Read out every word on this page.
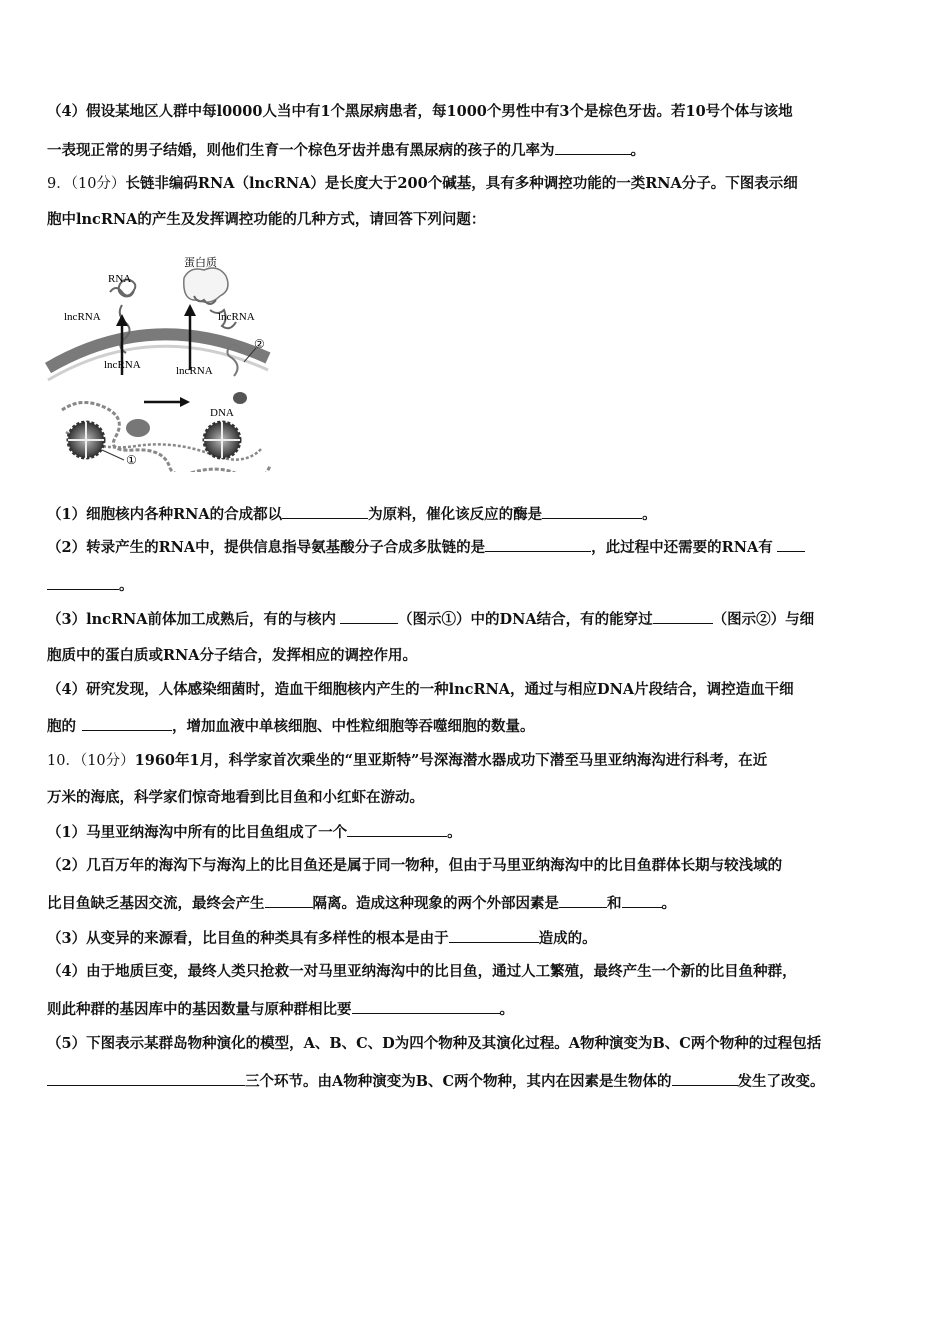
（4）假设某地区人群中每l0000人当中有1个黑尿病患者，每1000个男性中有3个是棕色牙齿。若10号个体与该地
一表现正常的男子结婚，则他们生育一个棕色牙齿并患有黑尿病的孩子的几率为	。
9．（10分）长链非编码RNA（lncRNA）是长度大于200个碱基，具有多种调控功能的一类RNA分子。下图表示细
胞中lncRNA的产生及发挥调控功能的几种方式，请回答下列问题：
RNA
蛋白质
lncRNA	lncRNA
lncRNA	lncRNA
DNA
①
②
（1）细胞核内各种RNA的合成都以	为原料，催化该反应的酶是	。
（2）转录产生的RNA中，提供信息指导氨基酸分子合成多肽链的是	，此过程中还需要的RNA有
。
（3）lncRNA前体加工成熟后，有的与核内	（图示①）中的DNA结合，有的能穿过	（图示②）与细
胞质中的蛋白质或RNA分子结合，发挥相应的调控作用。
（4）研究发现，人体感染细菌时，造血干细胞核内产生的一种lncRNA，通过与相应DNA片段结合，调控造血干细
胞的	，增加血液中单核细胞、中性粒细胞等吞噬细胞的数量。
10．（10分）1960年1月，科学家首次乘坐的“里亚斯特”号深海潜水器成功下潜至马里亚纳海沟进行科考，在近
万米的海底，科学家们惊奇地看到比目鱼和小红虾在游动。
（1）马里亚纳海沟中所有的比目鱼组成了一个	。
（2）几百万年的海沟下与海沟上的比目鱼还是属于同一物种，但由于马里亚纳海沟中的比目鱼群体长期与较浅域的
比目鱼缺乏基因交流，最终会产生	隔离。造成这种现象的两个外部因素是	和	。
（3）从变异的来源看，比目鱼的种类具有多样性的根本是由于	造成的。
（4）由于地质巨变，最终人类只抢救一对马里亚纳海沟中的比目鱼，通过人工繁殖，最终产生一个新的比目鱼种群，
则此种群的基因库中的基因数量与原种群相比要	。
（5）下图表示某群岛物种演化的模型，A、B、C、D为四个物种及其演化过程。A物种演变为B、C两个物种的过程包括
三个环节。由A物种演变为B、C两个物种，其内在因素是生物体的	发生了改变。
